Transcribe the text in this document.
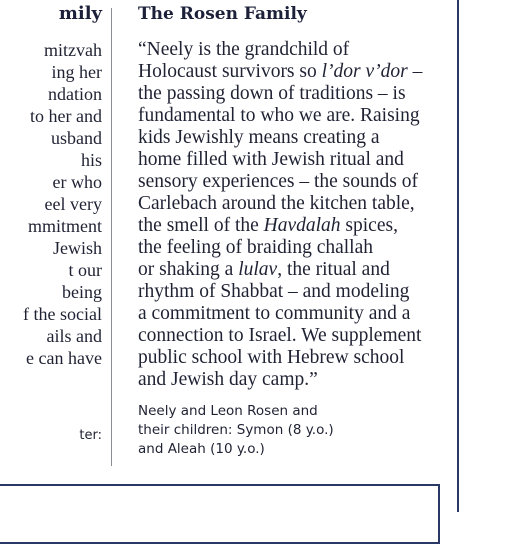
mily
mitzvah
ing her
ndation
to her and
usband
his
er who
eel very
mmitment
Jewish
t our
being
f the social
ails and
e can have
ter:
The Rosen Family
“Neely is the grandchild of
Holocaust survivors so l’dor v’dor –
the passing down of traditions – is
fundamental to who we are. Raising
kids Jewishly means creating a
home filled with Jewish ritual and
sensory experiences – the sounds of
Carlebach around the kitchen table,
the smell of the Havdalah spices,
the feeling of braiding challah
or shaking a lulav, the ritual and
rhythm of Shabbat – and modeling
a commitment to community and a
connection to Israel. We supplement
public school with Hebrew school
and Jewish day camp.”
Neely and Leon Rosen and
their children: Symon (8 y.o.)
and Aleah (10 y.o.)
